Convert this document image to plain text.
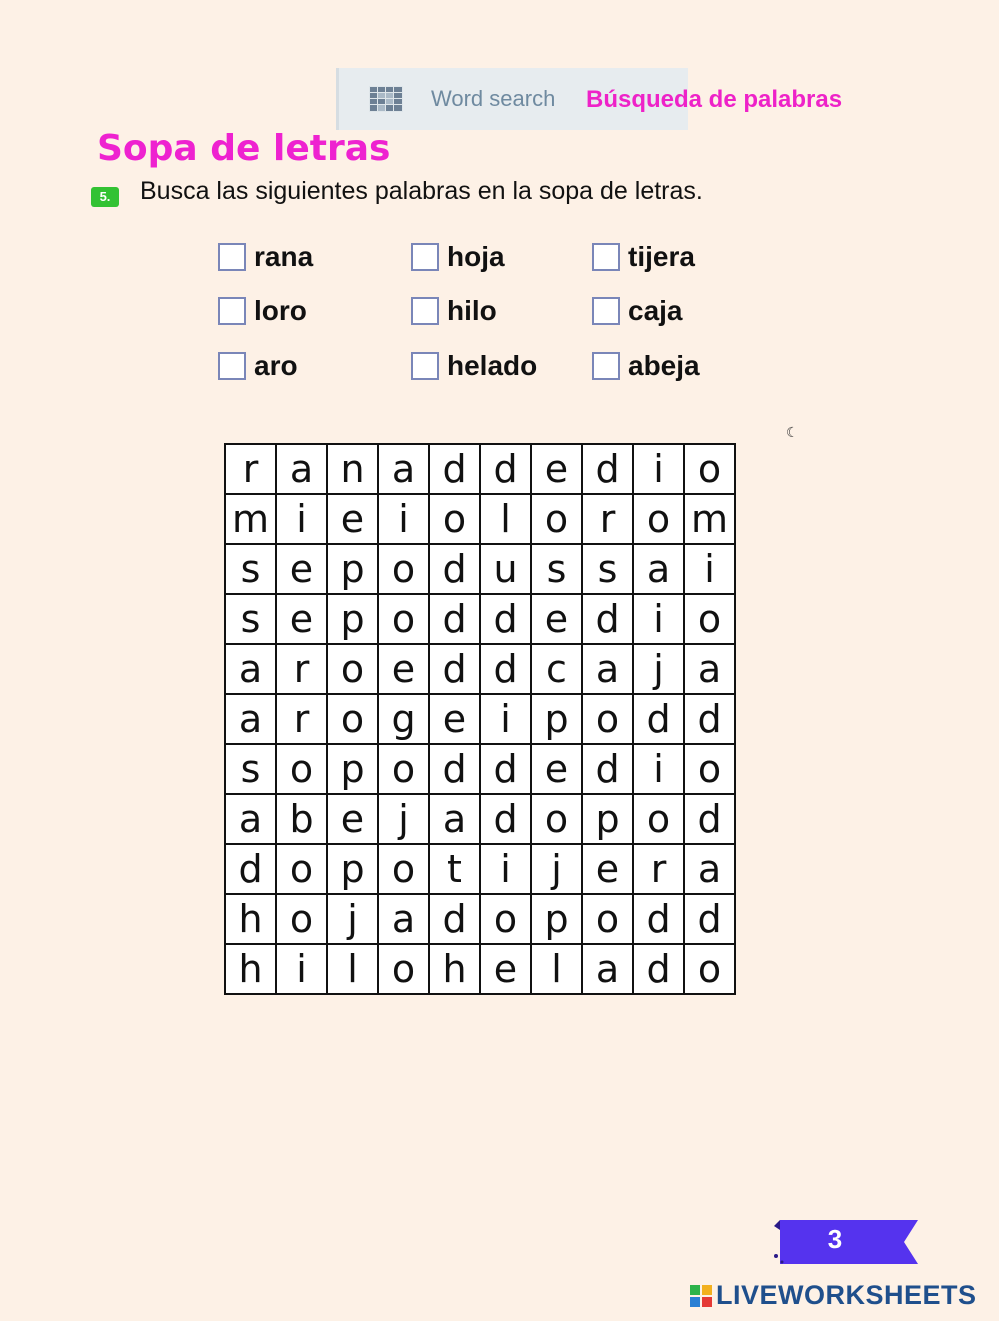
Word search Búsqueda de palabras
Sopa de letras
5.	Busca las siguientes palabras en la sopa de letras.
rana	hoja	tijera
loro	hilo	caja
aro	helado	abeja
☾
r	a	n	a	d	d	e	d	i	o
m	i	e	i	o	l	o	r	o	m
s	e	p	o	d	u	s	s	a	i
s	e	p	o	d	d	e	d	i	o
a	r	o	e	d	d	c	a	j	a
a	r	o	g	e	i	p	o	d	d
s	o	p	o	d	d	e	d	i	o
a	b	e	j	a	d	o	p	o	d
d	o	p	o	t	i	j	e	r	a
h	o	j	a	d	o	p	o	d	d
h	i	l	o	h	e	l	a	d	o
3
LIVEWORKSHEETS
